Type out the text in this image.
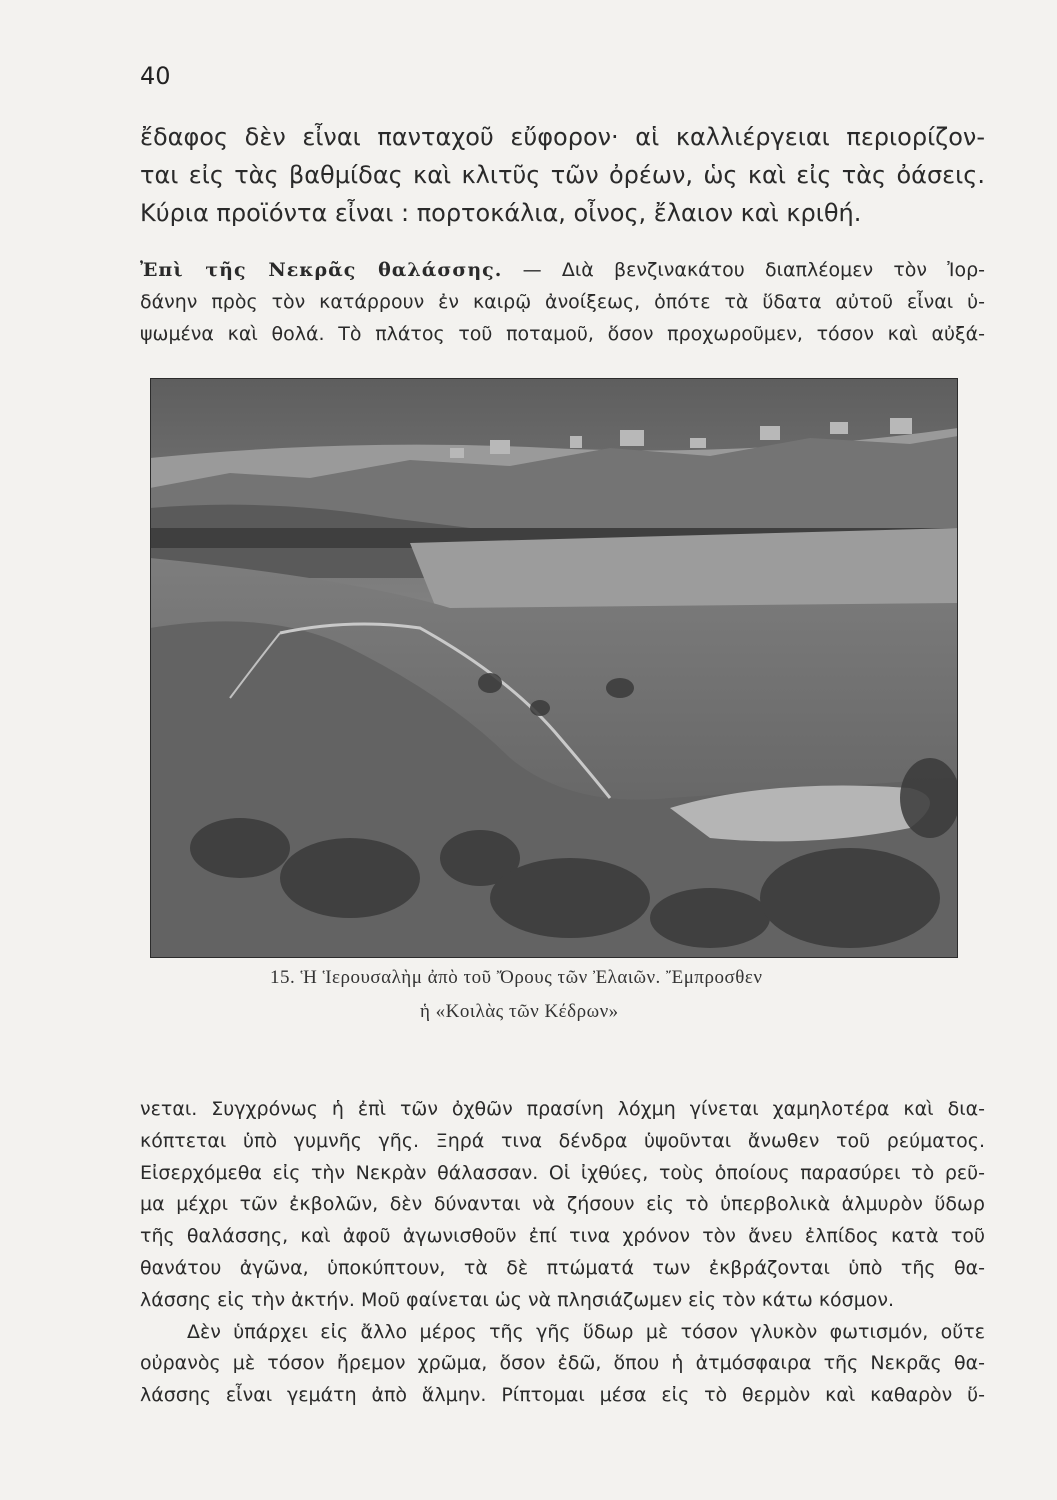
40
ἔδαφος δὲν εἶναι πανταχοῦ εὔφορον· αἱ καλλιέργειαι περιορίζον-
ται εἰς τὰς βαθμίδας καὶ κλιτῦς τῶν ὀρέων, ὡς καὶ εἰς τὰς ὀάσεις.
Κύρια προϊόντα εἶναι : πορτοκάλια, οἶνος, ἔλαιον καὶ κριθή.
Ἐπὶ τῆς Νεκρᾶς θαλάσσης. — Διὰ βενζινακάτου διαπλέομεν τὸν Ἰορ-
δάνην πρὸς τὸν κατάρρουν ἐν καιρῷ ἀνοίξεως, ὁπότε τὰ ὕδατα αὐτοῦ εἶναι ὑ-
ψωμένα καὶ θολά. Τὸ πλάτος τοῦ ποταμοῦ, ὅσον προχωροῦμεν, τόσον καὶ αὐξά-
15. Ἡ Ἱερουσαλὴμ ἀπὸ τοῦ Ὄρους τῶν Ἐλαιῶν. Ἔμπροσθεν
ἡ «Κοιλὰς τῶν Κέδρων»
νεται. Συγχρόνως ἡ ἐπὶ τῶν ὀχθῶν πρασίνη λόχμη γίνεται χαμηλοτέρα καὶ δια-
κόπτεται ὑπὸ γυμνῆς γῆς. Ξηρά τινα δένδρα ὑψοῦνται ἄνωθεν τοῦ ρεύματος.
Εἰσερχόμεθα εἰς τὴν Νεκρὰν θάλασσαν. Οἱ ἰχθύες, τοὺς ὁποίους παρασύρει τὸ ρεῦ-
μα μέχρι τῶν ἐκβολῶν, δὲν δύνανται νὰ ζήσουν εἰς τὸ ὑπερβολικὰ ἁλμυρὸν ὕδωρ
τῆς θαλάσσης, καὶ ἀφοῦ ἀγωνισθοῦν ἐπί τινα χρόνον τὸν ἄνευ ἐλπίδος κατὰ τοῦ
θανάτου ἀγῶνα, ὑποκύπτουν, τὰ δὲ πτώματά των ἐκβράζονται ὑπὸ τῆς θα-
λάσσης εἰς τὴν ἀκτήν. Μοῦ φαίνεται ὡς νὰ πλησιάζωμεν εἰς τὸν κάτω κόσμον.
Δὲν ὑπάρχει εἰς ἄλλο μέρος τῆς γῆς ὕδωρ μὲ τόσον γλυκὸν φωτισμόν, οὔτε
οὐρανὸς μὲ τόσον ἤρεμον χρῶμα, ὅσον ἐδῶ, ὅπου ἡ ἀτμόσφαιρα τῆς Νεκρᾶς θα-
λάσσης εἶναι γεμάτη ἀπὸ ἅλμην. Ρίπτομαι μέσα εἰς τὸ θερμὸν καὶ καθαρὸν ὕ-
